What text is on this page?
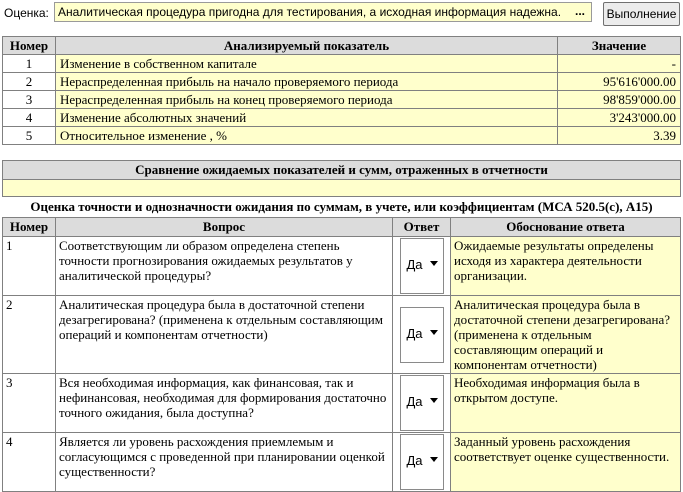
Оценка: Аналитическая процедура пригодна для тестирования, а исходная информация надежна.	...	Выполнение
Номер	Анализируемый показатель	Значение
1	Изменение в собственном капитале	-
2	Нераспределенная прибыль на начало проверяемого периода	95'616'000.00
3	Нераспределенная прибыль на конец проверяемого периода	98'859'000.00
4	Изменение абсолютных значений	3'243'000.00
5	Относительное изменение , %	3.39
Сравнение ожидаемых показателей и сумм, отраженных в отчетности
Оценка точности и однозначности ожидания по суммам, в учете, или коэффициентам (МСА 520.5(с), А15)
Номер	Вопрос	Ответ	Обоснование ответа
1	Соответствующим ли образом определена степень точности прогнозирования ожидаемых результатов у аналитической процедуры?	Да	Ожидаемые результаты определены исходя из характера деятельности организации.
2	Аналитическая процедура была в достаточной степени дезагрегирована? (применена к отдельным составляющим операций и компонентам отчетности)	Да	Аналитическая процедура была в достаточной степени дезагрегирована? (применена к отдельным составляющим операций и компонентам отчетности)
3	Вся необходимая информация, как финансовая, так и нефинансовая, необходимая для формирования достаточно точного ожидания, была доступна?	Да	Необходимая информация была в открытом доступе.
4	Является ли уровень расхождения приемлемым и согласующимся с проведенной при планировании оценкой существенности?	Да	Заданный уровень расхождения соответствует оценке существенности.
